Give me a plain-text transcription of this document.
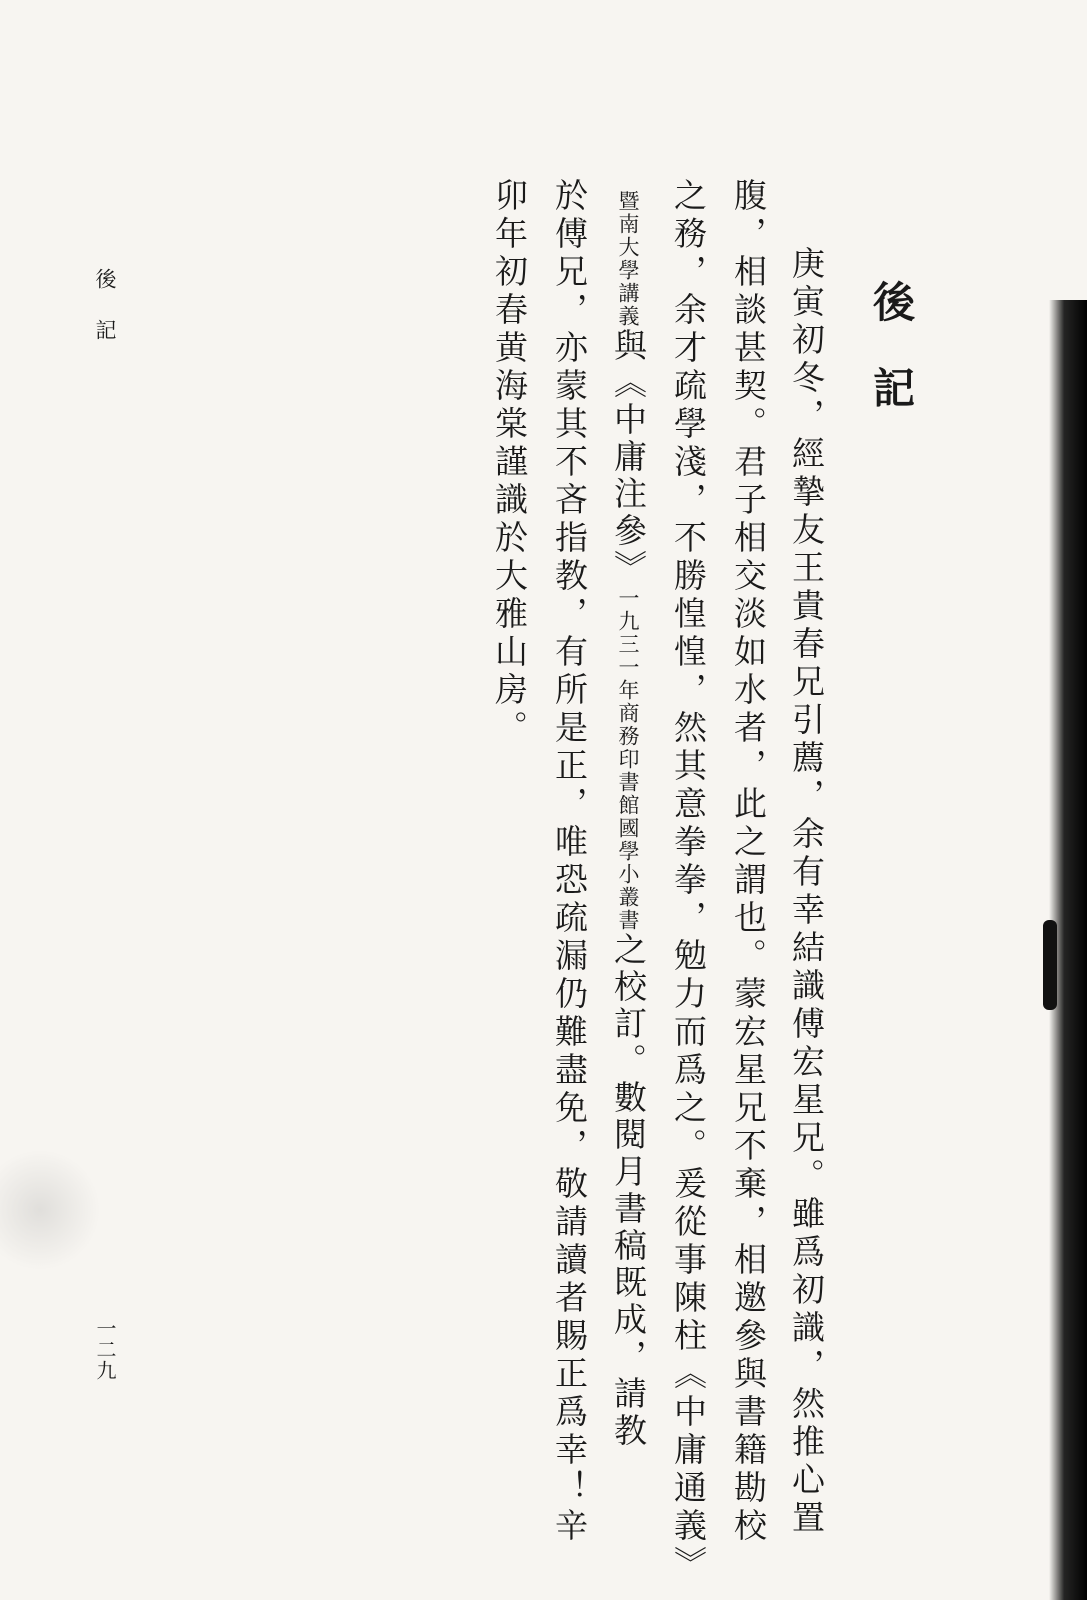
後記
庚寅初冬，經摯友王貴春兄引薦，余有幸結識傅宏星兄。雖爲初識，然推心置
腹，相談甚契。君子相交淡如水者，此之謂也。蒙宏星兄不棄，相邀參與書籍勘校
之務，余才疏學淺，不勝惶惶，然其意拳拳，勉力而爲之。爰從事陳柱《中庸通義》
暨南大學講義與《中庸注參》一九三一年商務印書館國學小叢書之校訂。數閱月書稿既成，請教
於傅兄，亦蒙其不吝指教，有所是正，唯恐疏漏仍難盡免，敬請讀者賜正爲幸！辛
卯年初春黄海棠謹識於大雅山房。
後記
一二九
